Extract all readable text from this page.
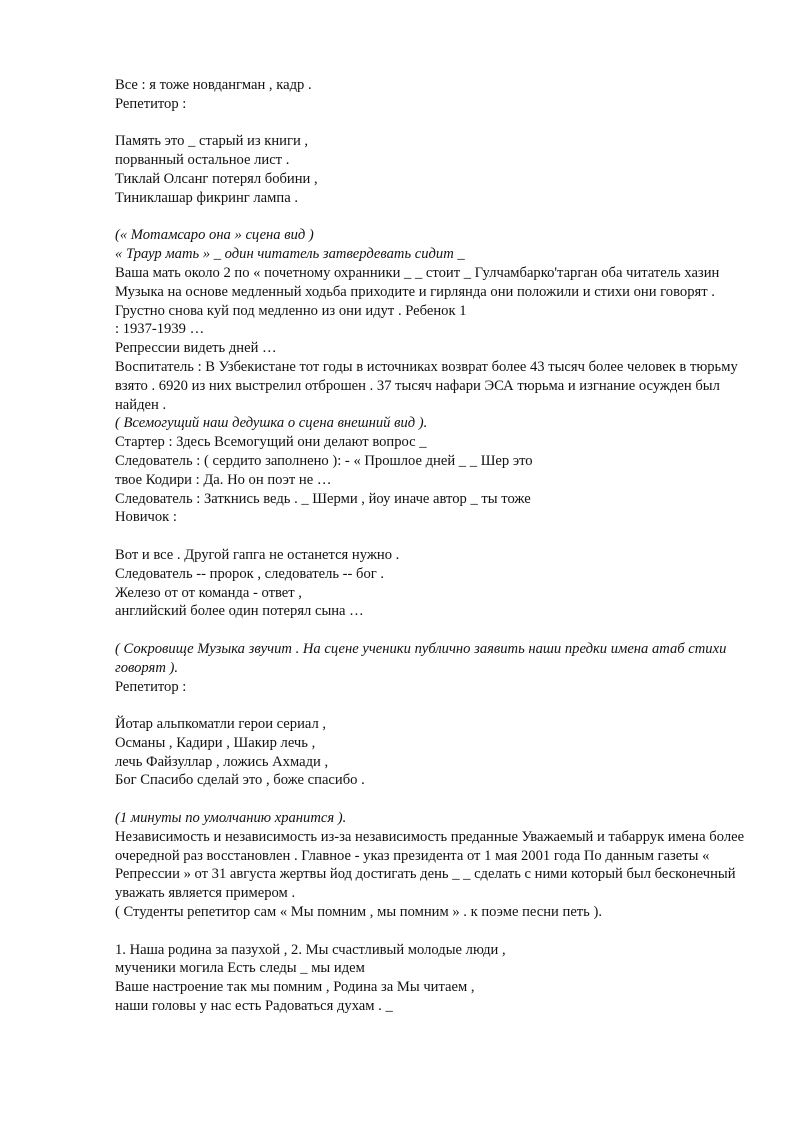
Все : я тоже новдангман , кадр .
Репетитор :
Память это _ старый из книги ,
порванный остальное лист .
Тиклай Олсанг потерял бобини ,
Тиниклашар фикринг лампа .
(« Мотамсаро она » сцена вид )
« Траур мать » _ один читатель затвердевать сидит _
Ваша мать около 2 по « почетному охранники _ _ стоит _ Гулчамбарко'тарган оба читатель хазин Музыка на основе медленный ходьба приходите и гирлянда они положили и стихи они говорят . Грустно снова куй под медленно из они идут . Ребенок 1
: 1937-1939 …
Репрессии видеть дней …
Воспитатель : В Узбекистане тот годы в источниках возврат более 43 тысяч более человек в тюрьму взято . 6920 из них выстрелил отброшен . 37 тысяч нафари ЭСА тюрьма и изгнание осужден был найден .
( Всемогущий наш дедушка о сцена внешний вид ).
Стартер : Здесь Всемогущий они делают вопрос _
Следователь : ( сердито заполнено ): - « Прошлое дней _ _ Шер это
твое Кодири : Да. Но он поэт не …
Следователь : Заткнись ведь . _ Шерми , йоу иначе автор _ ты тоже
Новичок :
Вот и все . Другой гапга не останется нужно .
Следователь -- пророк , следователь -- бог .
Железо от от команда - ответ ,
английский более один потерял сына …
( Сокровище Музыка звучит . На сцене ученики публично заявить наши предки имена атаб стихи говорят ).
Репетитор :
Йотар альпкоматли герои сериал ,
Османы , Кадири , Шакир лечь ,
лечь Файзуллар , ложись Ахмади ,
Бог Спасибо сделай это , боже спасибо .
(1 минуты по умолчанию хранится ).
Независимость и независимость из-за независимость преданные Уважаемый и табаррук имена более очередной раз восстановлен . Главное - указ президента от 1 мая 2001 года По данным газеты « Репрессии » от 31 августа жертвы йод достигать день _ _ сделать с ними который был бесконечный уважать является примером .
( Студенты репетитор сам « Мы помним , мы помним » . к поэме песни петь ).
1. Наша родина за пазухой , 2. Мы счастливый молодые люди ,
мученики могила Есть следы _ мы идем
Ваше настроение так мы помним , Родина за Мы читаем ,
наши головы у нас есть Радоваться духам . _
